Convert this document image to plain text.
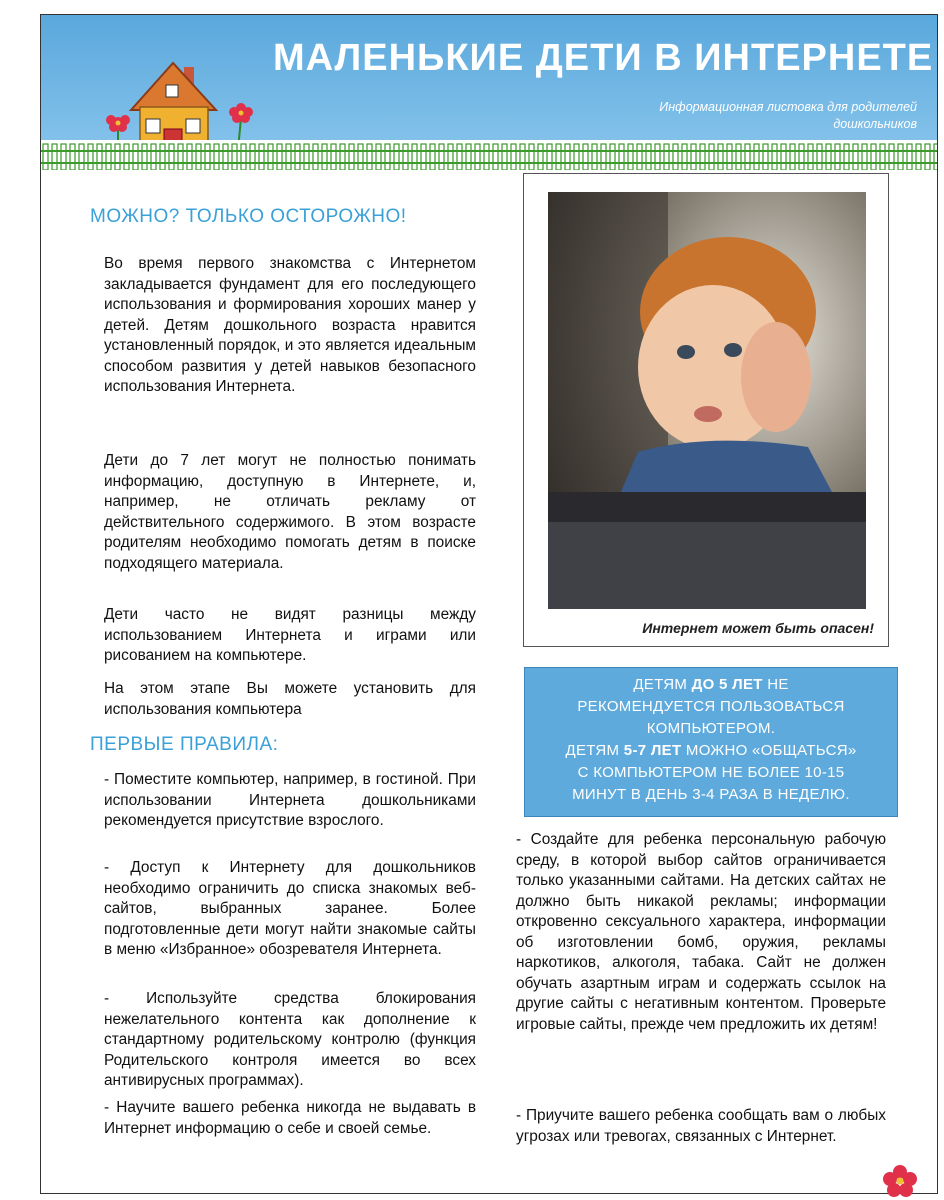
МАЛЕНЬКИЕ ДЕТИ В ИНТЕРНЕТЕ
Информационная листовка для родителей
дошкольников
МОЖНО? ТОЛЬКО ОСТОРОЖНО!

Во время первого знакомства с Интернетом закладывается фундамент для его последующего использования и формирования хороших манер у детей. Детям дошкольного возраста нравится установленный порядок, и это является идеальным способом развития у детей навыков безопасного использования Интернета.

Дети до 7 лет могут не полностью понимать информацию, доступную в Интернете, и, например, не отличать рекламу от действительного содержимого. В этом возрасте родителям необходимо помогать детям в поиске подходящего материала.

Дети часто не видят разницы между использованием Интернета и играми или рисованием на компьютере.

На этом этапе Вы можете установить для использования компьютера

ПЕРВЫЕ ПРАВИЛА:

- Поместите компьютер, например, в гостиной. При использовании Интернета дошкольниками рекомендуется присутствие взрослого.

- Доступ к Интернету для дошкольников необходимо ограничить до списка знакомых веб-сайтов, выбранных заранее. Более подготовленные дети могут найти знакомые сайты в меню «Избранное» обозревателя Интернета.

- Используйте средства блокирования нежелательного контента как дополнение к стандартному родительскому контролю (функция Родительского контроля имеется во всех антивирусных программах).

- Научите вашего ребенка никогда не выдавать в Интернет информацию о себе и своей семье.

Интернет может быть опасен!
ДЕТЯМ ДО 5 ЛЕТ НЕ
РЕКОМЕНДУЕТСЯ ПОЛЬЗОВАТЬСЯ
КОМПЬЮТЕРОМ.
ДЕТЯМ 5-7 ЛЕТ МОЖНО «ОБЩАТЬСЯ»
С КОМПЬЮТЕРОМ НЕ БОЛЕЕ 10-15
МИНУТ В ДЕНЬ 3-4 РАЗА В НЕДЕЛЮ.

- Создайте для ребенка персональную рабочую среду, в которой выбор сайтов ограничивается только указанными сайтами. На детских сайтах не должно быть никакой рекламы; информации откровенно сексуального характера, информации об изготовлении бомб, оружия, рекламы наркотиков, алкоголя, табака. Сайт не должен обучать азартным играм и содержать ссылок на другие сайты с негативным контентом. Проверьте игровые сайты, прежде чем предложить их детям!

- Приучите вашего ребенка сообщать вам о любых угрозах или тревогах, связанных с Интернет.
